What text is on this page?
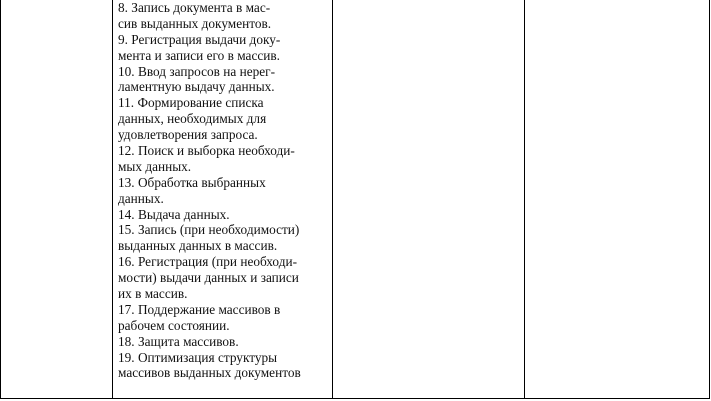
8. Запись документа в мас-
сив выданных документов.
9. Регистрация выдачи доку-
мента и записи его в массив.
10. Ввод запросов на нерег-
ламентную выдачу данных.
11. Формирование списка
данных, необходимых для
удовлетворения запроса.
12. Поиск и выборка необходи-
мых данных.
13. Обработка выбранных
данных.
14. Выдача данных.
15. Запись (при необходимости)
выданных данных в массив.
16. Регистрация (при необходи-
мости) выдачи данных и записи
их в массив.
17. Поддержание массивов в
рабочем состоянии.
18. Защита массивов.
19. Оптимизация структуры
массивов выданных документов
